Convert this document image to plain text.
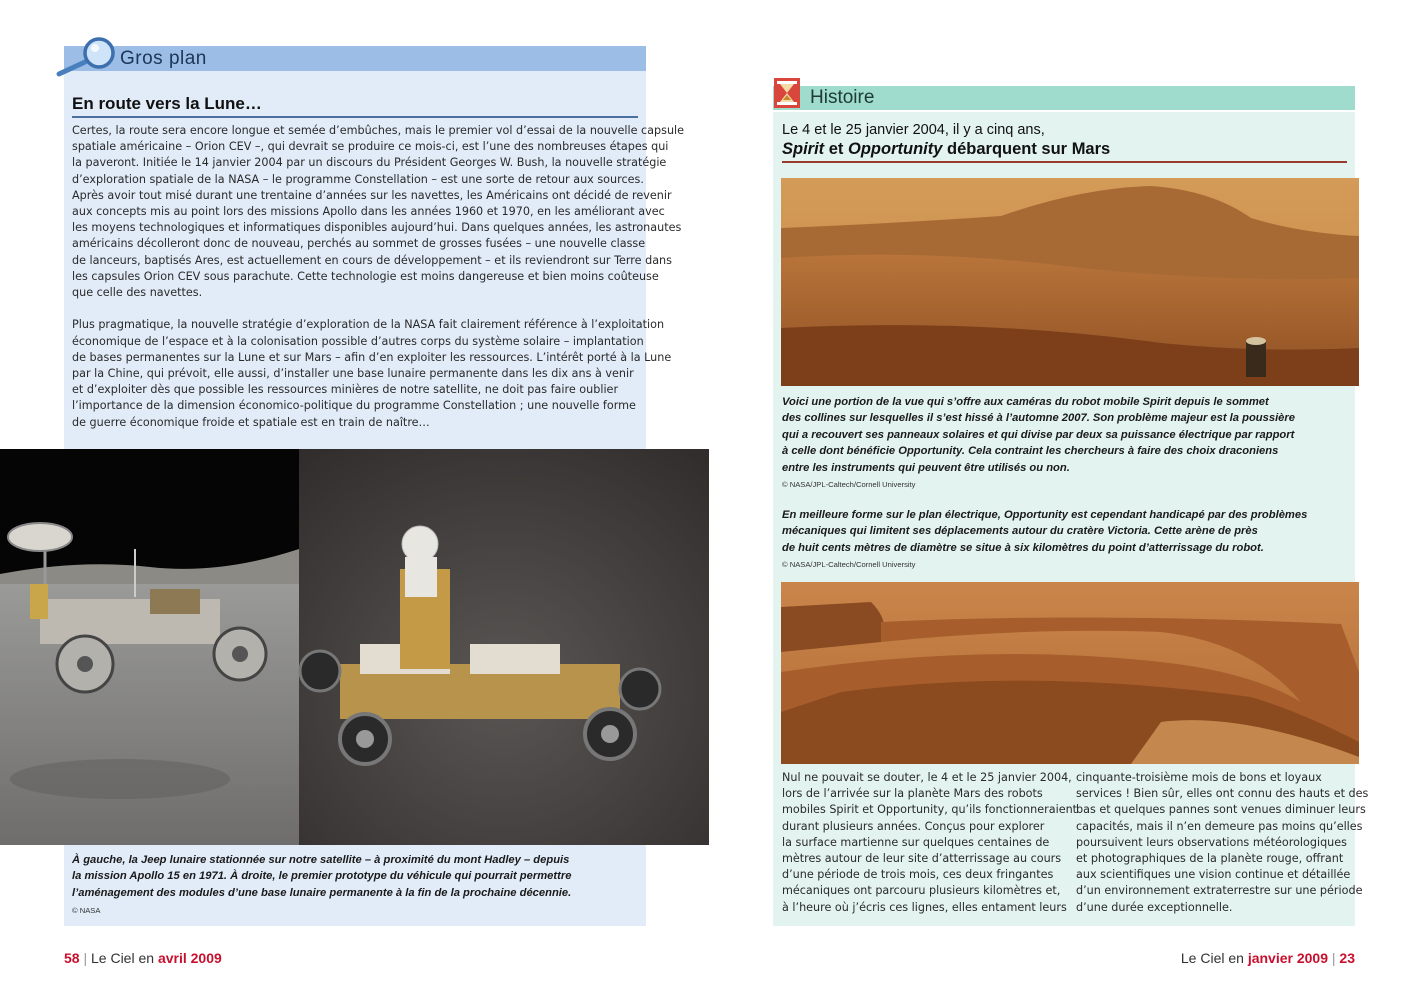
Gros plan
En route vers la Lune…

Certes, la route sera encore longue et semée d’embûches, mais le premier vol d’essai de la nouvelle capsule

spatiale américaine – Orion CEV –, qui devrait se produire ce mois-ci, est l’une des nombreuses étapes qui

la paveront. Initiée le 14 janvier 2004 par un discours du Président Georges W. Bush, la nouvelle stratégie

d’exploration spatiale de la NASA – le programme Constellation – est une sorte de retour aux sources.

Après avoir tout misé durant une trentaine d’années sur les navettes, les Américains ont décidé de revenir

aux concepts mis au point lors des missions Apollo dans les années 1960 et 1970, en les améliorant avec

les moyens technologiques et informatiques disponibles aujourd’hui. Dans quelques années, les astronautes

américains décolleront donc de nouveau, perchés au sommet de grosses fusées – une nouvelle classe

de lanceurs, baptisés Ares, est actuellement en cours de développement – et ils reviendront sur Terre dans

les capsules Orion CEV sous parachute. Cette technologie est moins dangereuse et bien moins coûteuse

que celle des navettes.

Plus pragmatique, la nouvelle stratégie d’exploration de la NASA fait clairement référence à l’exploitation

économique de l’espace et à la colonisation possible d’autres corps du système solaire – implantation

de bases permanentes sur la Lune et sur Mars – afin d’en exploiter les ressources. L’intérêt porté à la Lune

par la Chine, qui prévoit, elle aussi, d’installer une base lunaire permanente dans les dix ans à venir

et d’exploiter dès que possible les ressources minières de notre satellite, ne doit pas faire oublier

l’importance de la dimension économico-politique du programme Constellation ; une nouvelle forme

de guerre économique froide et spatiale est en train de naître…

À gauche, la Jeep lunaire stationnée sur notre satellite – à proximité du mont Hadley – depuis

la mission Apollo 15 en 1971. À droite, le premier prototype du véhicule qui pourrait permettre

l’aménagement des modules d’une base lunaire permanente à la fin de la prochaine décennie.

© NASA
58 | Le Ciel en avril 2009
Histoire
Le 4 et le 25 janvier 2004, il y a cinq ans,
Spirit et Opportunity débarquent sur Mars

Voici une portion de la vue qui s’offre aux caméras du robot mobile Spirit depuis le sommet

des collines sur lesquelles il s’est hissé à l’automne 2007. Son problème majeur est la poussière

qui a recouvert ses panneaux solaires et qui divise par deux sa puissance électrique par rapport

à celle dont bénéficie Opportunity. Cela contraint les chercheurs à faire des choix draconiens

entre les instruments qui peuvent être utilisés ou non.

© NASA/JPL-Caltech/Cornell University

En meilleure forme sur le plan électrique, Opportunity est cependant handicapé par des problèmes

mécaniques qui limitent ses déplacements autour du cratère Victoria. Cette arène de près

de huit cents mètres de diamètre se situe à six kilomètres du point d’atterrissage du robot.

© NASA/JPL-Caltech/Cornell University

Nul ne pouvait se douter, le 4 et le 25 janvier 2004,

lors de l’arrivée sur la planète Mars des robots

mobiles Spirit et Opportunity, qu’ils fonctionneraient

durant plusieurs années. Conçus pour explorer

la surface martienne sur quelques centaines de

mètres autour de leur site d’atterrissage au cours

d’une période de trois mois, ces deux fringantes

mécaniques ont parcouru plusieurs kilomètres et,

à l’heure où j’écris ces lignes, elles entament leurs

cinquante-troisième mois de bons et loyaux

services ! Bien sûr, elles ont connu des hauts et des

bas et quelques pannes sont venues diminuer leurs

capacités, mais il n’en demeure pas moins qu’elles

poursuivent leurs observations météorologiques

et photographiques de la planète rouge, offrant

aux scientifiques une vision continue et détaillée

d’un environnement extraterrestre sur une période

d’une durée exceptionnelle.

Le Ciel en janvier 2009 | 23
